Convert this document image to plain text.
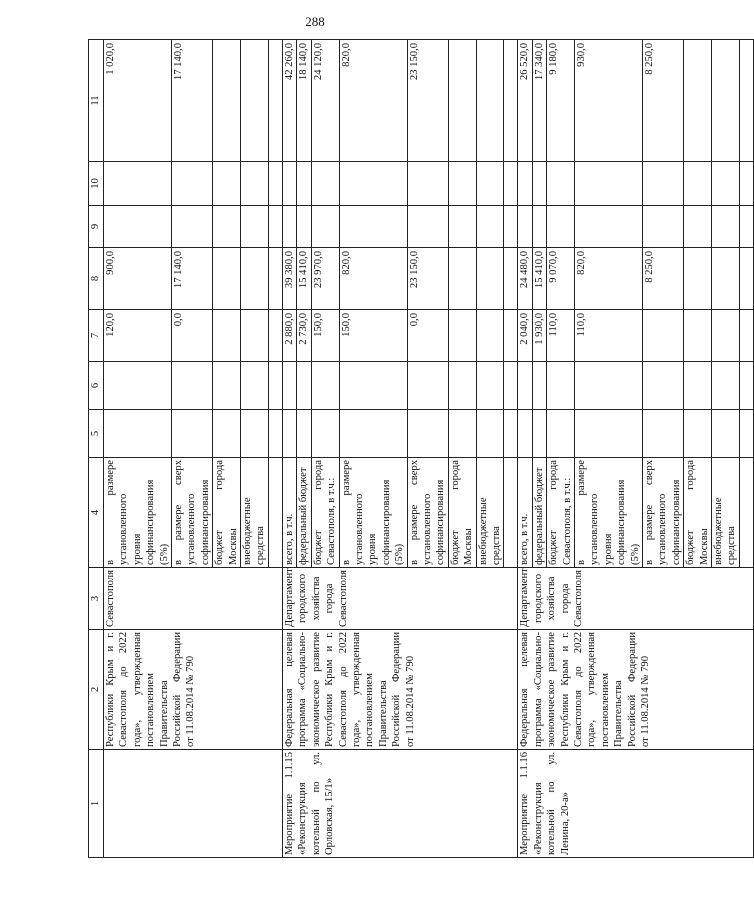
288
1	2	3	4	5	6	7	8	9	10	11
	Республики Крым и г. Севастополя до 2022 года», утвержденная постановлением Правительства Российской Федерации от 11.08.2014 № 790	Севастополя	в размере установленного уровня софинансирования (5%)			120,0	900,0			1 020,0
			в размере сверх установленного софинансирования			0,0	17 140,0			17 140,0
			бюджет города Москвы							
			внебюджетные средства							

Мероприятие 1.1.15 «Реконструкция котельной по ул. Орловская, 15/1»	Федеральная целевая программа «Социально-экономическое развитие Республики Крым и г. Севастополя до 2022 года», утвержденная постановлением Правительства Российской Федерации от 11.08.2014 № 790	Департамент городского хозяйства города Севастополя	всего, в т.ч.			2 880,0	39 380,0			42 260,0
			федеральный бюджет			2 730,0	15 410,0			18 140,0
			бюджет города Севастополя, в т.ч.:			150,0	23 970,0			24 120,0
			в размере установленного уровня софинансирования (5%)			150,0	820,0			820,0
			в размере сверх установленного софинансирования			0,0	23 150,0			23 150,0
			бюджет города Москвы							
			внебюджетные средства							

Мероприятие 1.1.16 «Реконструкция котельной по ул. Ленина, 20-а»	Федеральная целевая программа «Социально-экономическое развитие Республики Крым и г. Севастополя до 2022 года», утвержденная постановлением Правительства Российской Федерации от 11.08.2014 № 790	Департамент городского хозяйства города Севастополя	всего, в т.ч.			2 040,0	24 480,0			26 520,0
			федеральный бюджет			1 930,0	15 410,0			17 340,0
			бюджет города Севастополя, в т.ч.:			110,0	9 070,0			9 180,0
			в размере установленного уровня софинансирования (5%)			110,0	820,0			930,0
			в размере сверх установленного софинансирования				8 250,0			8 250,0
			бюджет города Москвы							
			внебюджетные средства							
